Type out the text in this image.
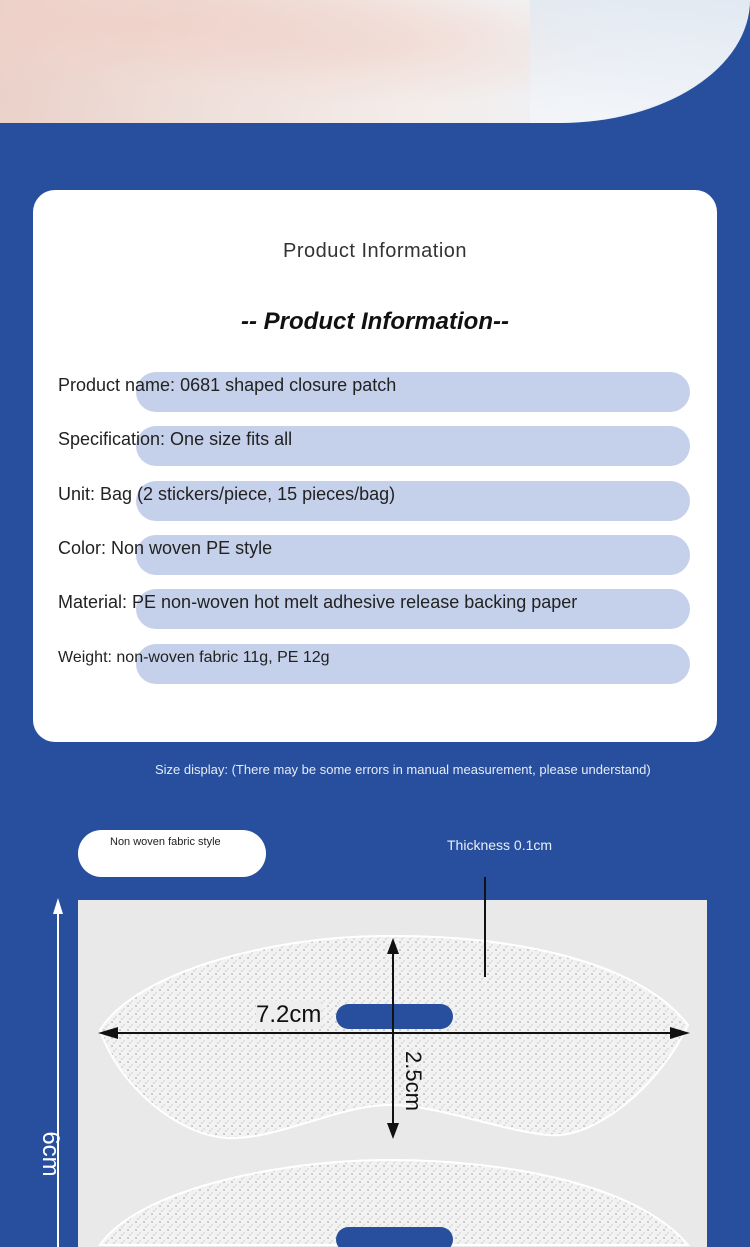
Product Information
-- Product Information--
Product name: 0681 shaped closure patch
Specification: One size fits all
Unit: Bag (2 stickers/piece, 15 pieces/bag)
Color: Non woven PE style
Material: PE non-woven hot melt adhesive release backing paper
Weight: non-woven fabric 11g, PE 12g
Size display: (There may be some errors in manual measurement, please understand)
Non woven fabric style	Thickness 0.1cm
6cm
7.2cm
2.5cm
